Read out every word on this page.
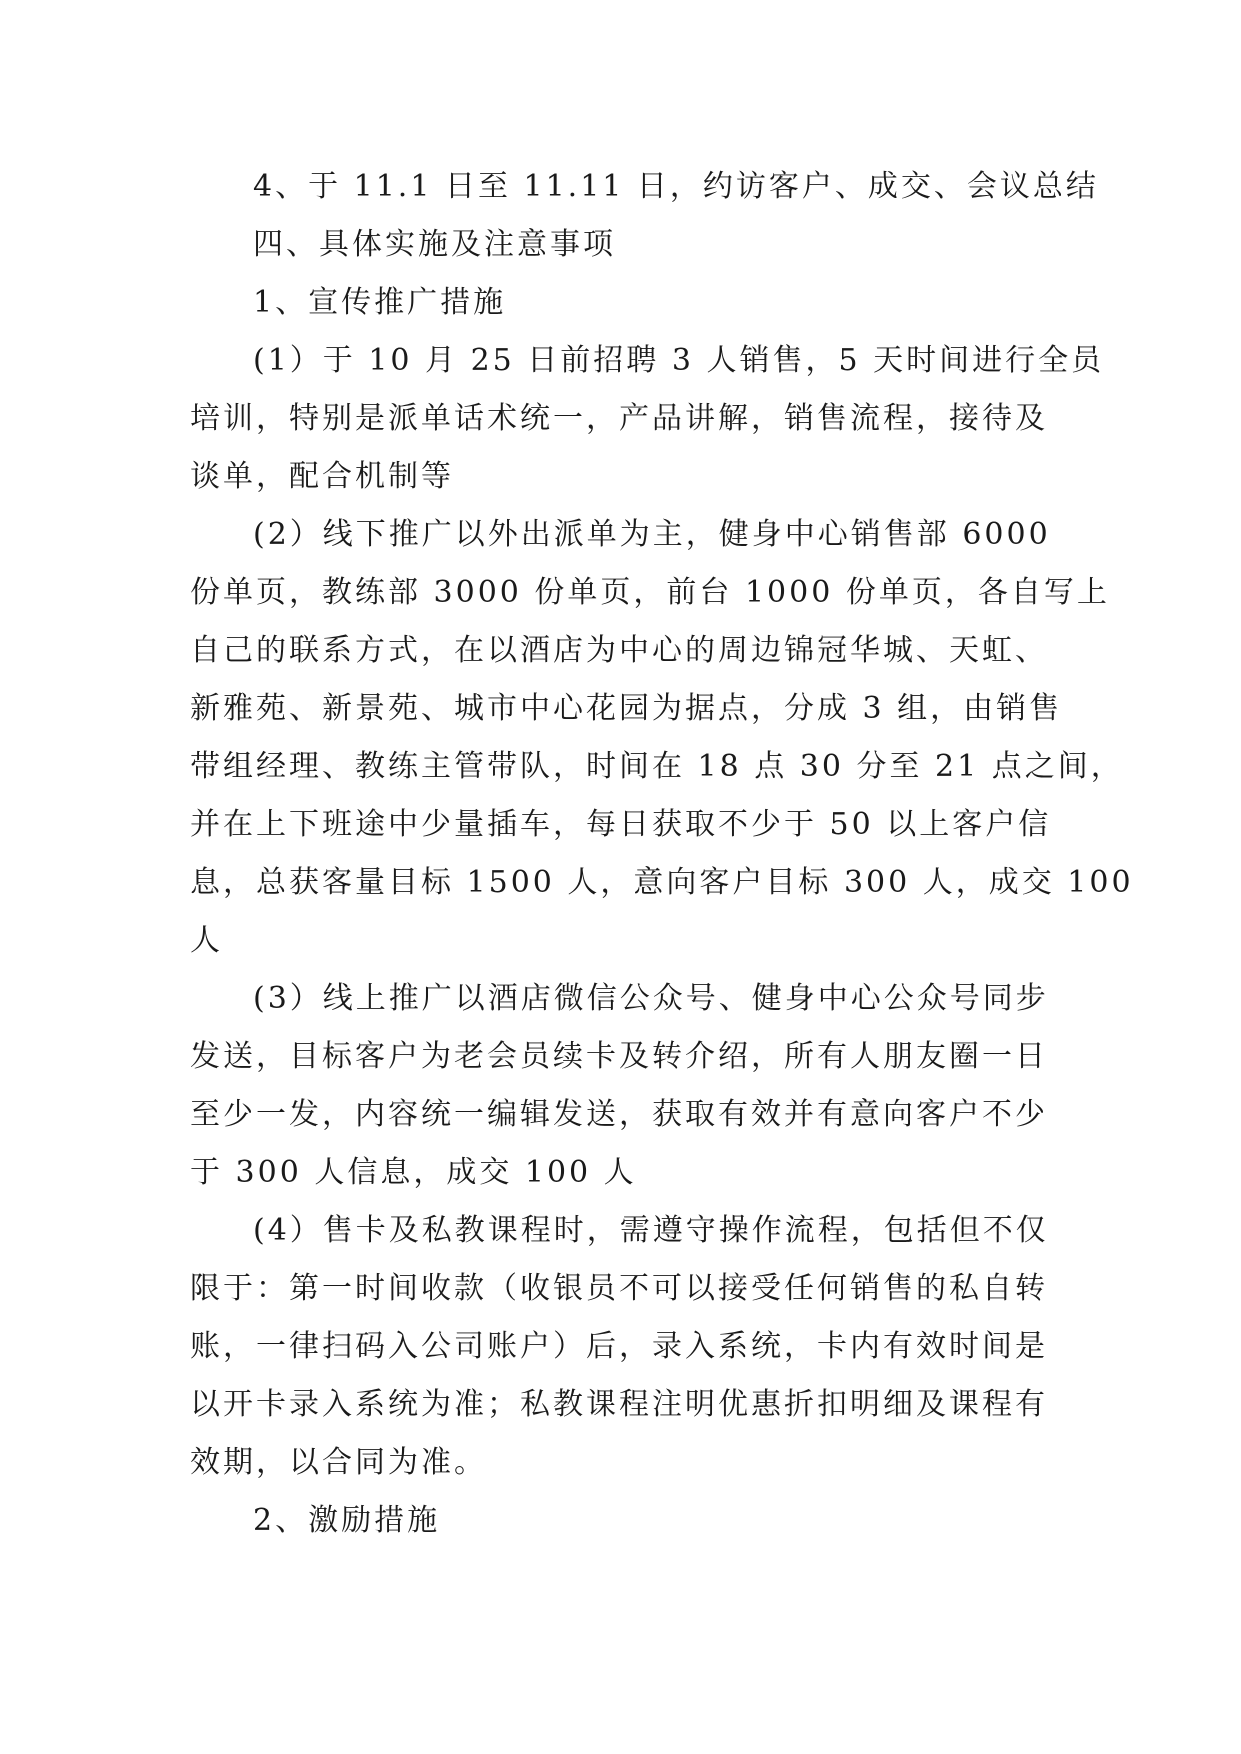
4、于 11.1 日至 11.11 日，约访客户、成交、会议总结
四、具体实施及注意事项
1、宣传推广措施
(1）于 10 月 25 日前招聘 3 人销售，5 天时间进行全员
培训，特别是派单话术统一，产品讲解，销售流程，接待及
谈单，配合机制等
(2）线下推广以外出派单为主，健身中心销售部 6000
份单页，教练部 3000 份单页，前台 1000 份单页，各自写上
自己的联系方式，在以酒店为中心的周边锦冠华城、天虹、
新雅苑、新景苑、城市中心花园为据点，分成 3 组，由销售
带组经理、教练主管带队，时间在 18 点 30 分至 21 点之间，
并在上下班途中少量插车，每日获取不少于 50 以上客户信
息，总获客量目标 1500 人，意向客户目标 300 人，成交 100
人
(3）线上推广以酒店微信公众号、健身中心公众号同步
发送，目标客户为老会员续卡及转介绍，所有人朋友圈一日
至少一发，内容统一编辑发送，获取有效并有意向客户不少
于 300 人信息，成交 100 人
(4）售卡及私教课程时，需遵守操作流程，包括但不仅
限于：第一时间收款（收银员不可以接受任何销售的私自转
账，一律扫码入公司账户）后，录入系统，卡内有效时间是
以开卡录入系统为准；私教课程注明优惠折扣明细及课程有
效期，以合同为准。
2、激励措施
